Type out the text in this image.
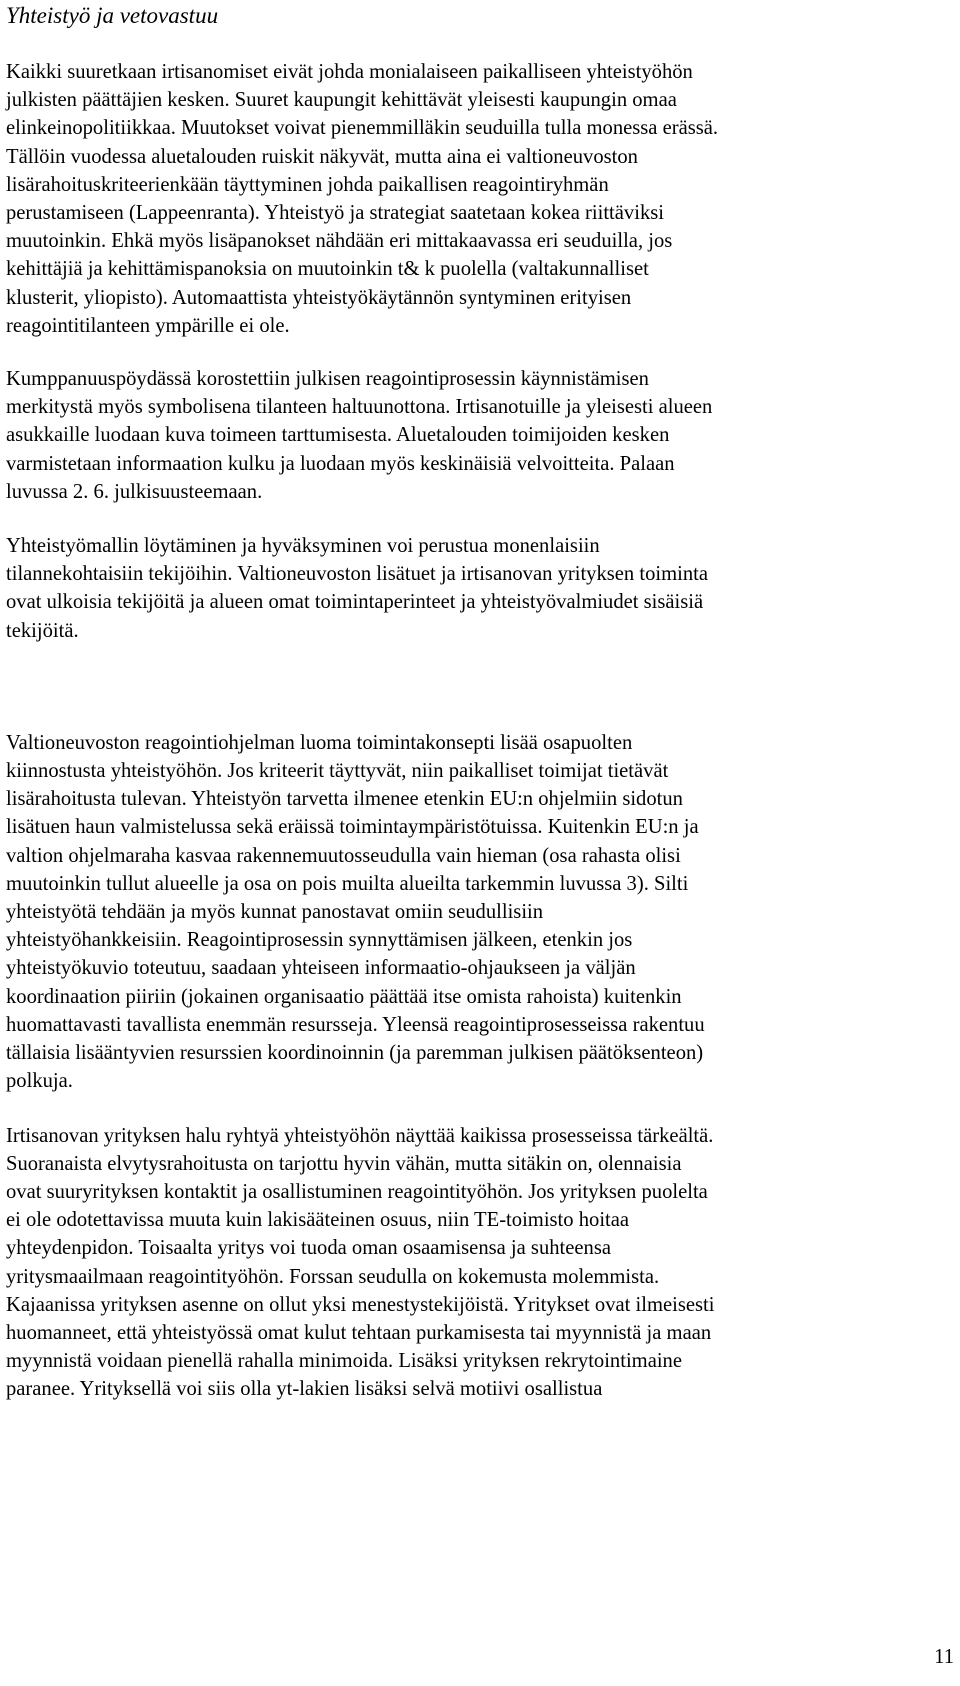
Yhteistyö ja vetovastuu

Kaikki suuretkaan irtisanomiset eivät johda monialaiseen paikalliseen yhteistyöhön
julkisten päättäjien kesken. Suuret kaupungit kehittävät yleisesti kaupungin omaa
elinkeinopolitiikkaa. Muutokset voivat pienemmilläkin seuduilla tulla monessa erässä.
Tällöin vuodessa aluetalouden ruiskit näkyvät, mutta aina ei valtioneuvoston
lisärahoituskriteerienkään täyttyminen johda paikallisen reagointiryhmän
perustamiseen (Lappeenranta). Yhteistyö ja strategiat saatetaan kokea riittäviksi
muutoinkin. Ehkä myös lisäpanokset nähdään eri mittakaavassa eri seuduilla, jos
kehittäjiä ja kehittämispanoksia on muutoinkin t& k puolella (valtakunnalliset
klusterit, yliopisto). Automaattista yhteistyökäytännön syntyminen erityisen
reagointitilanteen ympärille ei ole.

Kumppanuuspöydässä korostettiin julkisen reagointiprosessin käynnistämisen
merkitystä myös symbolisena tilanteen haltuunottona. Irtisanotuille ja yleisesti alueen
asukkaille luodaan kuva toimeen tarttumisesta. Aluetalouden toimijoiden kesken
varmistetaan informaation kulku ja luodaan myös keskinäisiä velvoitteita. Palaan
luvussa 2. 6. julkisuusteemaan.

Yhteistyömallin löytäminen ja hyväksyminen voi perustua monenlaisiin
tilannekohtaisiin tekijöihin. Valtioneuvoston lisätuet ja irtisanovan yrityksen toiminta
ovat ulkoisia tekijöitä ja alueen omat toimintaperinteet ja yhteistyövalmiudet sisäisiä
tekijöitä.

Valtioneuvoston reagointiohjelman luoma toimintakonsepti lisää osapuolten
kiinnostusta yhteistyöhön. Jos kriteerit täyttyvät, niin paikalliset toimijat tietävät
lisärahoitusta tulevan. Yhteistyön tarvetta ilmenee etenkin EU:n ohjelmiin sidotun
lisätuen haun valmistelussa sekä eräissä toimintaympäristötuissa. Kuitenkin EU:n ja
valtion ohjelmaraha kasvaa rakennemuutosseudulla vain hieman (osa rahasta olisi
muutoinkin tullut alueelle ja osa on pois muilta alueilta tarkemmin luvussa 3). Silti
yhteistyötä tehdään ja myös kunnat panostavat omiin seudullisiin
yhteistyöhankkeisiin. Reagointiprosessin synnyttämisen jälkeen, etenkin jos
yhteistyökuvio toteutuu, saadaan yhteiseen informaatio-ohjaukseen ja väljän
koordinaation piiriin (jokainen organisaatio päättää itse omista rahoista) kuitenkin
huomattavasti tavallista enemmän resursseja. Yleensä reagointiprosesseissa rakentuu
tällaisia lisääntyvien resurssien koordinoinnin (ja paremman julkisen päätöksenteon)
polkuja.

Irtisanovan yrityksen halu ryhtyä yhteistyöhön näyttää kaikissa prosesseissa tärkeältä.
Suoranaista elvytysrahoitusta on tarjottu hyvin vähän, mutta sitäkin on, olennaisia
ovat suuryrityksen kontaktit ja osallistuminen reagointityöhön. Jos yrityksen puolelta
ei ole odotettavissa muuta kuin lakisääteinen osuus, niin TE-toimisto hoitaa
yhteydenpidon. Toisaalta yritys voi tuoda oman osaamisensa ja suhteensa
yritysmaailmaan reagointityöhön. Forssan seudulla on kokemusta molemmista.
Kajaanissa yrityksen asenne on ollut yksi menestystekijöistä. Yritykset ovat ilmeisesti
huomanneet, että yhteistyössä omat kulut tehtaan purkamisesta tai myynnistä ja maan
myynnistä voidaan pienellä rahalla minimoida. Lisäksi yrityksen rekrytointimaine
paranee. Yrityksellä voi siis olla yt-lakien lisäksi selvä motiivi osallistua

11
